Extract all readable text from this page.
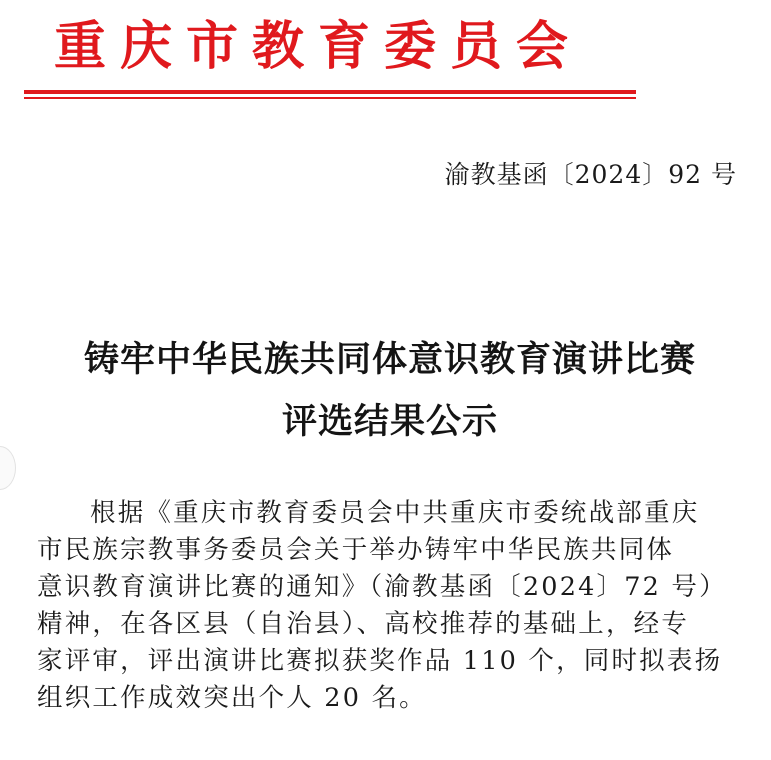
重庆市教育委员会
渝教基函〔2024〕92 号
铸牢中华民族共同体意识教育演讲比赛
评选结果公示
根据《重庆市教育委员会中共重庆市委统战部重庆
市民族宗教事务委员会关于举办铸牢中华民族共同体
意识教育演讲比赛的通知》（渝教基函〔2024〕72 号）
精神，在各区县（自治县）、高校推荐的基础上，经专
家评审，评出演讲比赛拟获奖作品 110 个，同时拟表扬
组织工作成效突出个人 20 名。
